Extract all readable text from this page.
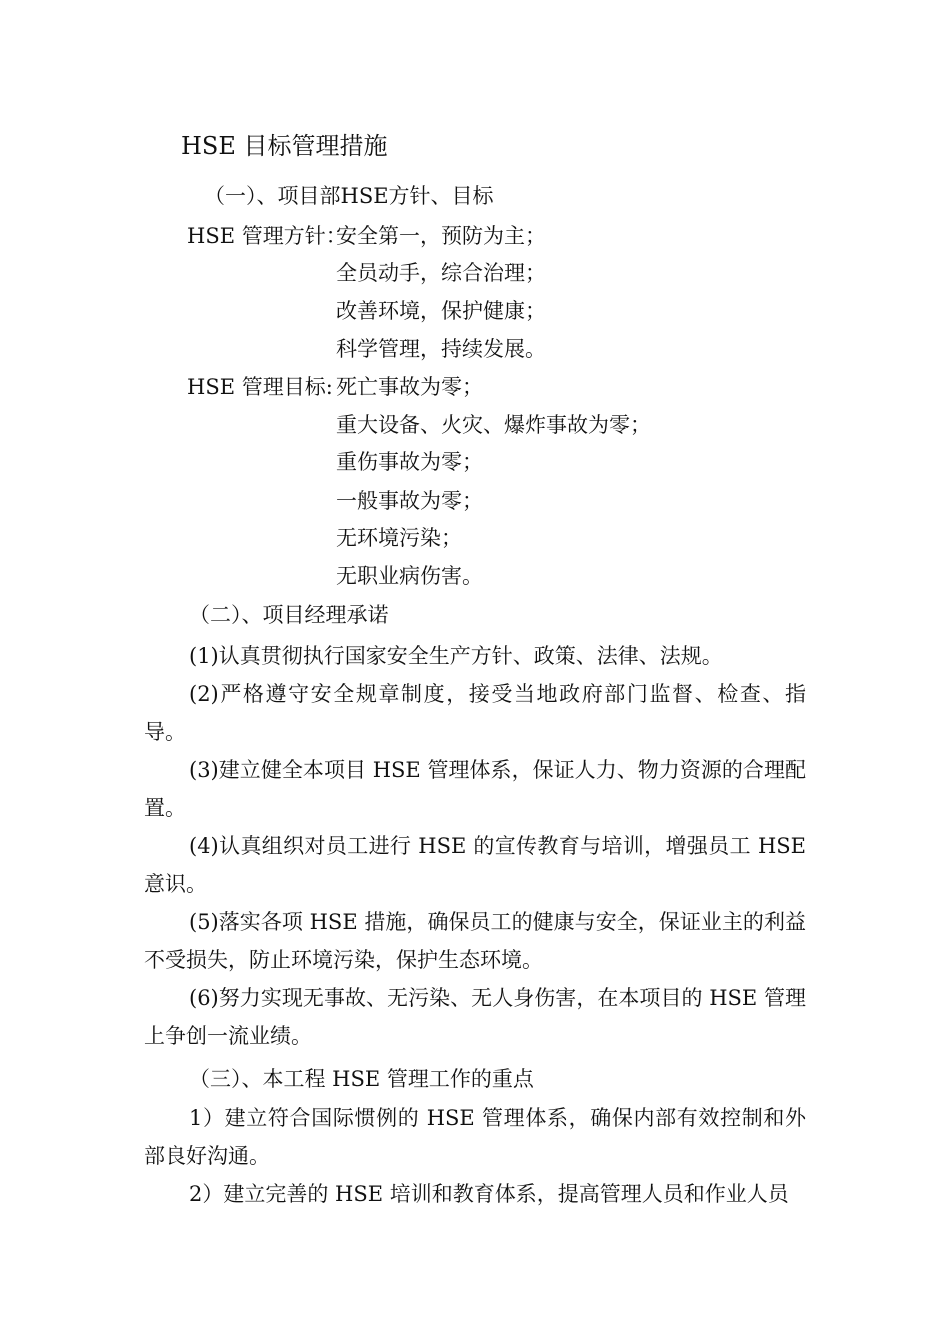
HSE 目标管理措施
（一）、项目部HSE方针、目标
HSE 管理方针：
安全第一，预防为主；
全员动手，综合治理；
改善环境，保护健康；
科学管理，持续发展。
HSE 管理目标: 死亡事故为零；
重大设备、火灾、爆炸事故为零；
重伤事故为零；
一般事故为零；
无环境污染；
无职业病伤害。
（二）、项目经理承诺

(1)认真贯彻执行国家安全生产方针、政策、法律、法规。

(2)严格遵守安全规章制度，接受当地政府部门监督、检查、指导。

(3)建立健全本项目 HSE 管理体系，保证人力、物力资源的合理配置。

(4)认真组织对员工进行 HSE 的宣传教育与培训，增强员工 HSE 意识。

(5)落实各项 HSE 措施，确保员工的健康与安全，保证业主的利益不受损失，防止环境污染，保护生态环境。

(6)努力实现无事故、无污染、无人身伤害，在本项目的 HSE 管理上争创一流业绩。

（三）、本工程 HSE 管理工作的重点

1）建立符合国际惯例的 HSE 管理体系，确保内部有效控制和外部良好沟通。

2）建立完善的 HSE 培训和教育体系，提高管理人员和作业人员
